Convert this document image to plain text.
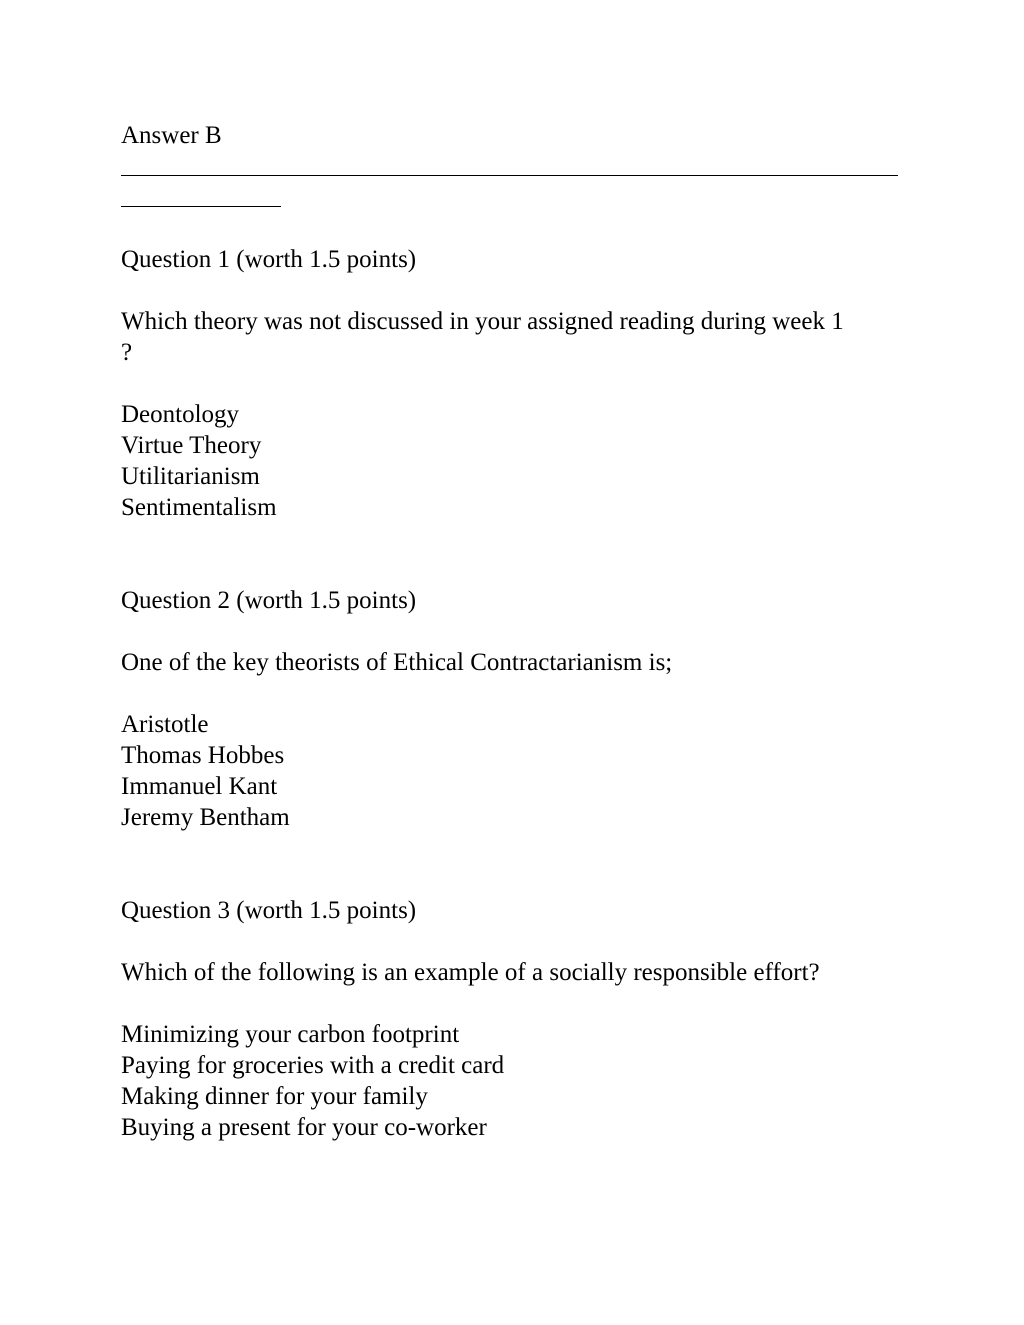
Answer B
Question 1 (worth 1.5 points)
Which theory was not discussed in your assigned reading during week 1
?
Deontology
Virtue Theory
Utilitarianism
Sentimentalism
Question 2 (worth 1.5 points)
One of the key theorists of Ethical Contractarianism is;
Aristotle
Thomas Hobbes
Immanuel Kant
Jeremy Bentham
Question 3 (worth 1.5 points)
Which of the following is an example of a socially responsible effort?
Minimizing your carbon footprint
Paying for groceries with a credit card
Making dinner for your family
Buying a present for your co-worker
